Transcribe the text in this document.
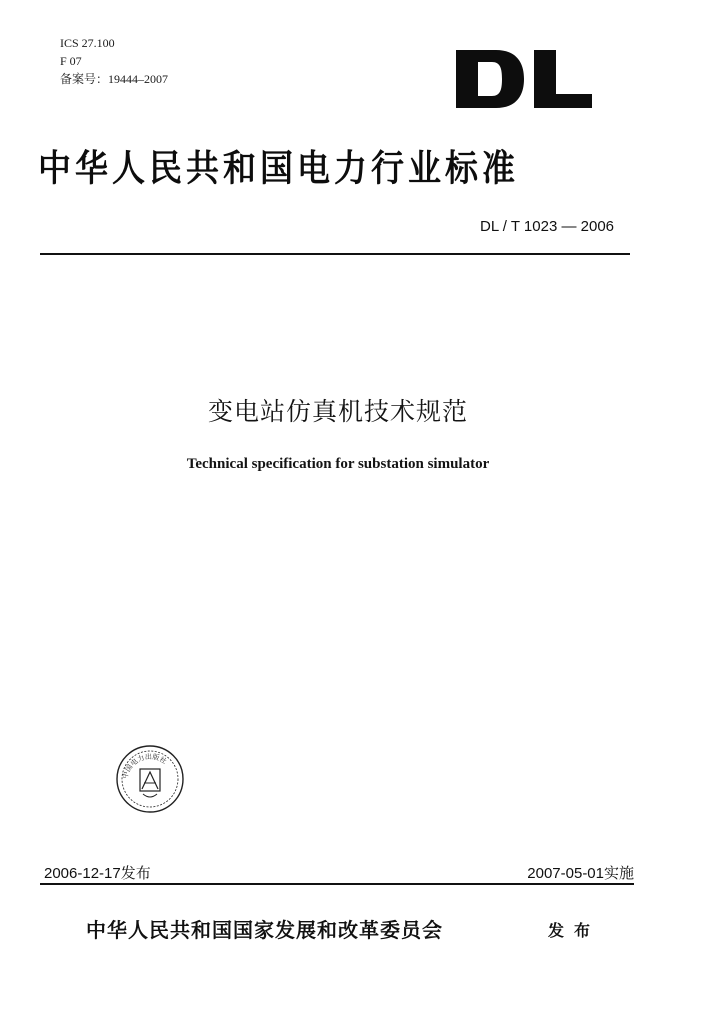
ICS 27.100
F 07
备案号：19444–2007
中华人民共和国电力行业标准
DL / T 1023 — 2006
变电站仿真机技术规范
Technical specification for substation simulator
中国电力出版社
2006-12-17发布	2007-05-01实施
中华人民共和国国家发展和改革委员会	发布
